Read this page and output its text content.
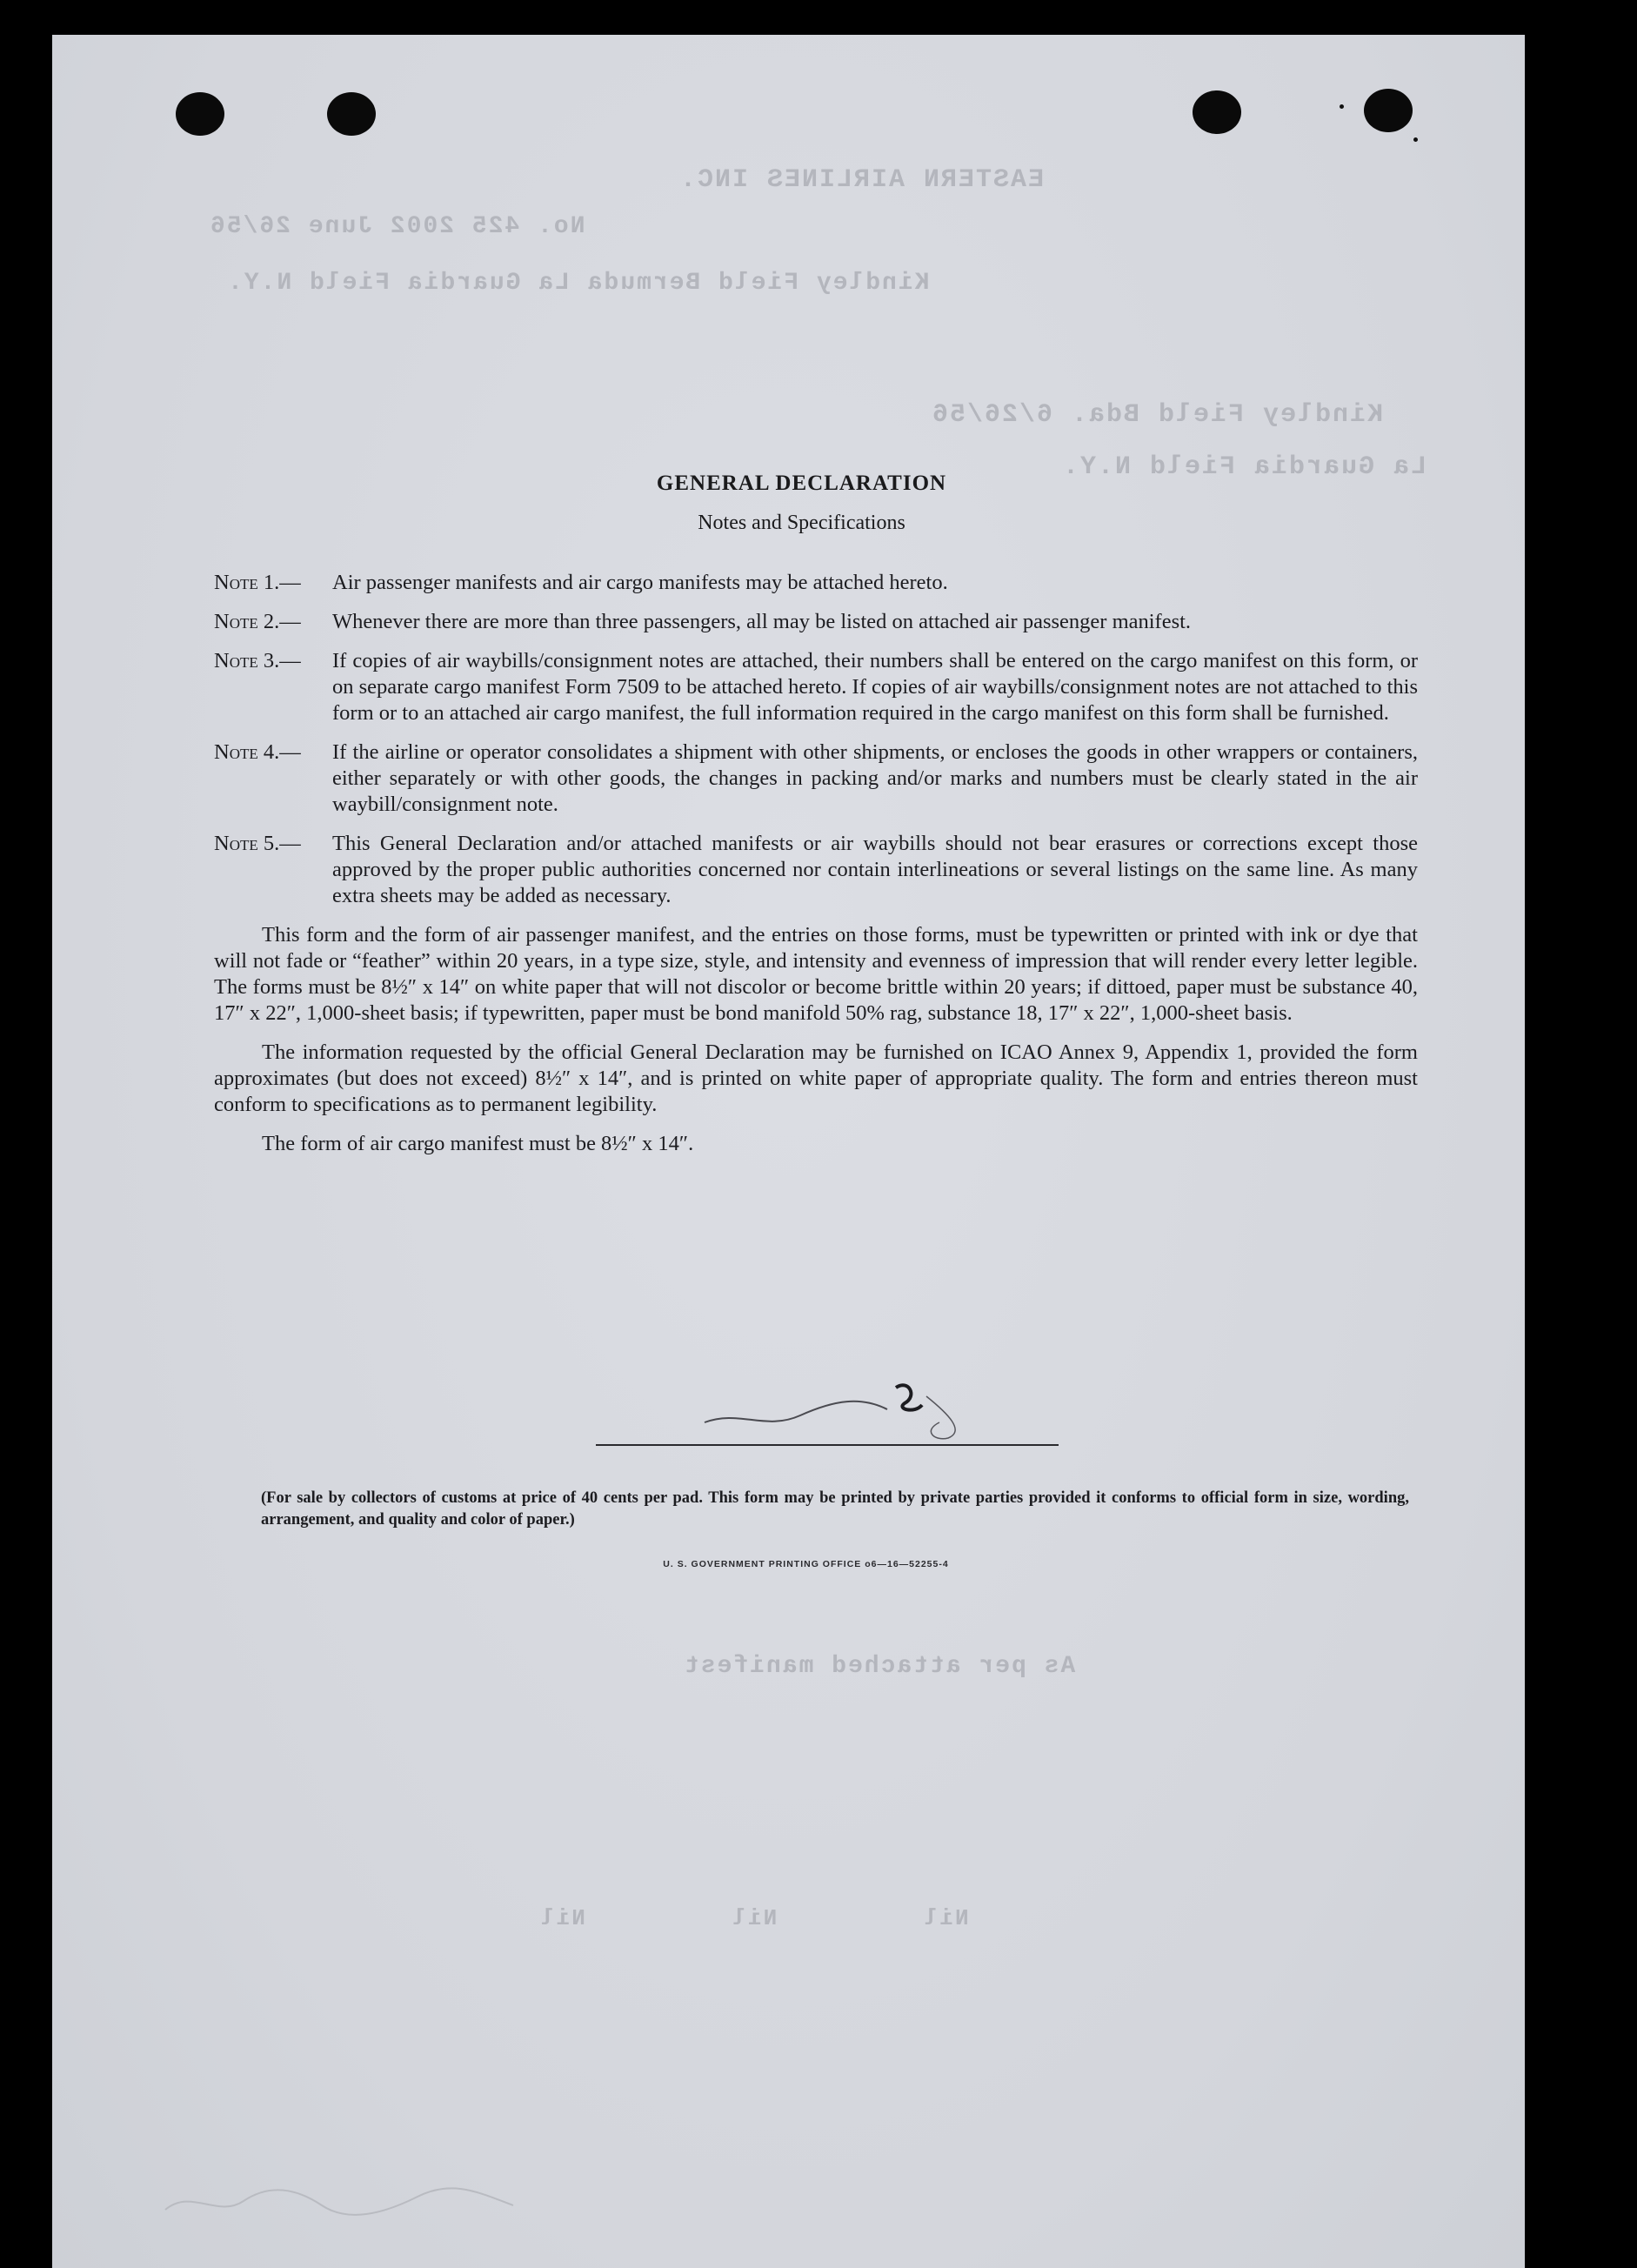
EASTERN AIRLINES INC.
No. 425 2002 June 26/56
Kindley Field Bermuda La Guardia Field N.Y.
Kindley Field Bda. 6/26/56
La Guardia Field N.Y.
As per attached manifest
Nil Nil Nil
GENERAL DECLARATION
Notes and Specifications
Note 1.—	Air passenger manifests and air cargo manifests may be attached hereto.
Note 2.—	Whenever there are more than three passengers, all may be listed on attached air passenger manifest.
Note 3.—	If copies of air waybills/consignment notes are attached, their numbers shall be entered on the cargo manifest on this form, or on separate cargo manifest Form 7509 to be attached hereto. If copies of air waybills/consignment notes are not attached to this form or to an attached air cargo manifest, the full information required in the cargo manifest on this form shall be furnished.
Note 4.—	If the airline or operator consolidates a shipment with other shipments, or encloses the goods in other wrappers or containers, either separately or with other goods, the changes in packing and/or marks and numbers must be clearly stated in the air waybill/consignment note.
Note 5.—	This General Declaration and/or attached manifests or air waybills should not bear erasures or corrections except those approved by the proper public authorities concerned nor contain interlineations or several listings on the same line. As many extra sheets may be added as necessary.
This form and the form of air passenger manifest, and the entries on those forms, must be typewritten or printed with ink or dye that will not fade or “feather” within 20 years, in a type size, style, and intensity and evenness of impression that will render every letter legible. The forms must be 8½″ x 14″ on white paper that will not discolor or become brittle within 20 years; if dittoed, paper must be substance 40, 17″ x 22″, 1,000-sheet basis; if typewritten, paper must be bond manifold 50% rag, substance 18, 17″ x 22″, 1,000-sheet basis.
The information requested by the official General Declaration may be furnished on ICAO Annex 9, Appendix 1, provided the form approximates (but does not exceed) 8½″ x 14″, and is printed on white paper of appropriate quality. The form and entries thereon must conform to specifications as to permanent legibility.
The form of air cargo manifest must be 8½″ x 14″.
(For sale by collectors of customs at price of 40 cents per pad. This form may be printed by private parties provided it conforms to official form in size, wording, arrangement, and quality and color of paper.)
U. S. GOVERNMENT PRINTING OFFICE o6—16—52255-4
